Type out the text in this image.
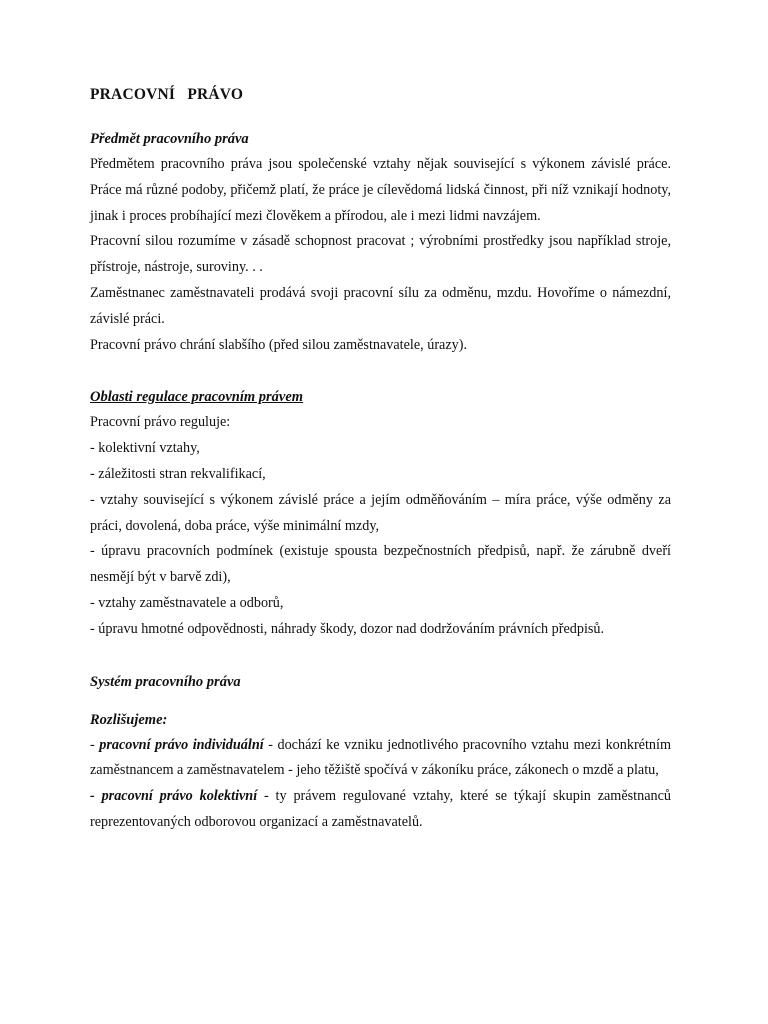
PRACOVNÍ   PRÁVO

Předmět pracovního práva

Předmětem pracovního práva jsou společenské vztahy nějak související s výkonem závislé práce. Práce má různé podoby, přičemž platí, že práce je cílevědomá lidská činnost, při níž vznikají hodnoty, jinak i proces probíhající mezi člověkem a přírodou, ale i mezi lidmi navzájem.

Pracovní silou rozumíme v zásadě schopnost pracovat ; výrobními prostředky jsou například stroje, přístroje, nástroje, suroviny. . .

Zaměstnanec zaměstnavateli prodává svoji pracovní sílu za odměnu, mzdu. Hovoříme o námezdní, závislé práci.

Pracovní právo chrání slabšího (před silou zaměstnavatele, úrazy).

Oblasti regulace pracovním právem

Pracovní právo reguluje:

- kolektivní vztahy,

- záležitosti stran rekvalifikací,

- vztahy související s výkonem závislé práce a jejím odměňováním – míra práce, výše odměny za práci, dovolená, doba práce, výše minimální mzdy,

- úpravu pracovních podmínek (existuje spousta bezpečnostních předpisů, např. že zárubně dveří nesmějí být v barvě zdi),

- vztahy zaměstnavatele a odborů,

- úpravu hmotné odpovědnosti, náhrady škody, dozor nad dodržováním právních předpisů.

Systém pracovního práva

Rozlišujeme:

- pracovní právo individuální - dochází ke vzniku jednotlivého pracovního vztahu mezi konkrétním zaměstnancem a zaměstnavatelem - jeho těžiště spočívá v zákoníku práce, zákonech o mzdě a platu,

- pracovní právo kolektivní - ty právem regulované vztahy, které se týkají skupin zaměstnanců reprezentovaných odborovou organizací a zaměstnavatelů.
